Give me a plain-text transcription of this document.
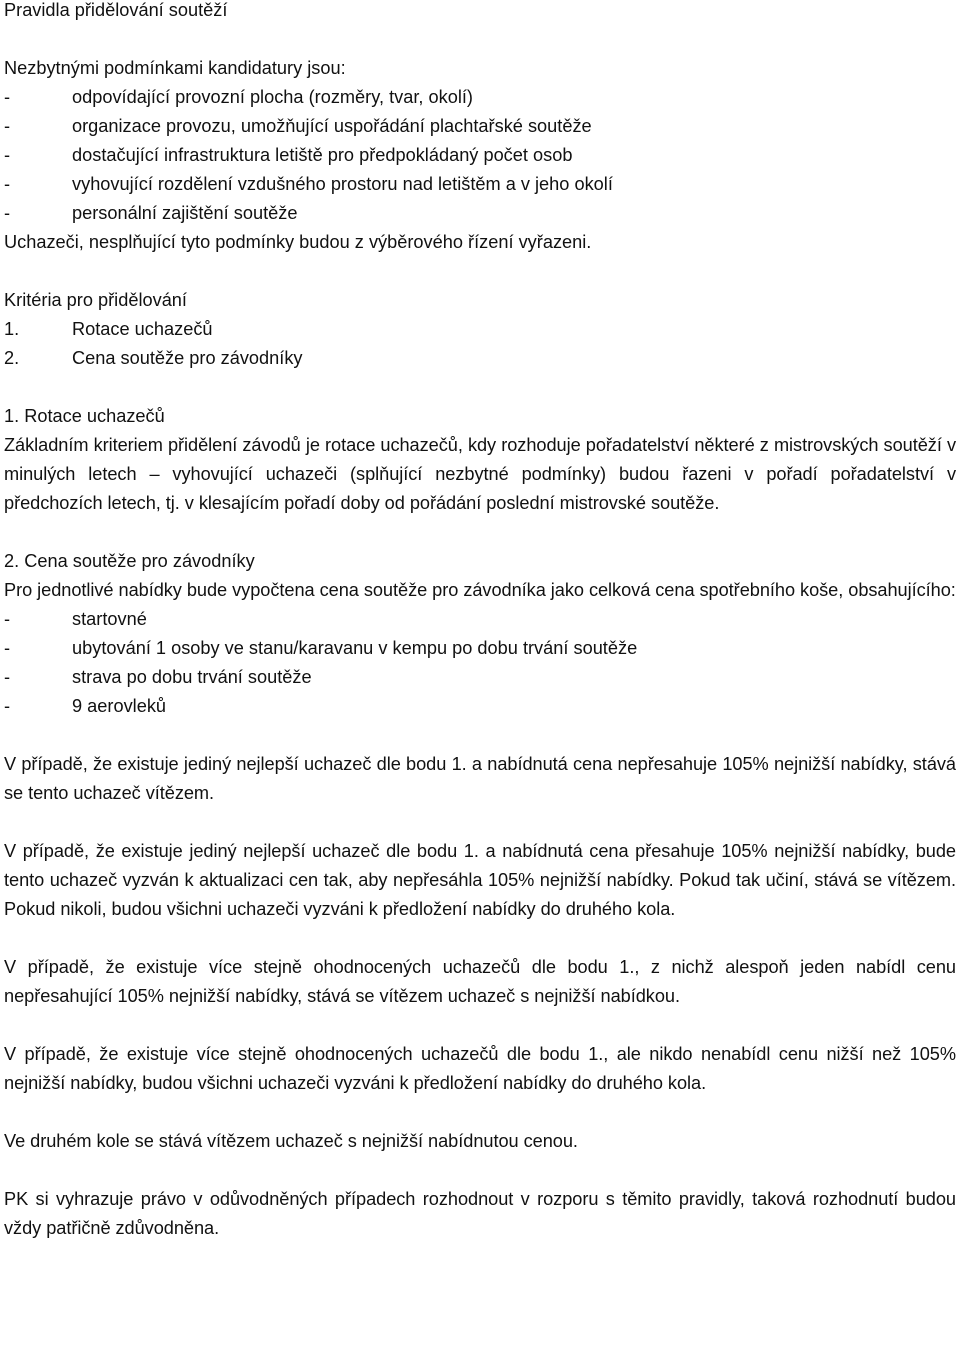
Pravidla přidělování soutěží

Nezbytnými podmínkami kandidatury jsou:

-	odpovídající provozní plocha (rozměry, tvar, okolí)
-	organizace provozu, umožňující uspořádání plachtařské soutěže
-	dostačující infrastruktura letiště pro předpokládaný počet osob
-	vyhovující rozdělení vzdušného prostoru nad letištěm a v jeho okolí
-	personální zajištění soutěže

Uchazeči, nesplňující tyto podmínky budou z výběrového řízení vyřazeni.

Kritéria pro přidělování

1.	Rotace uchazečů
2.	Cena soutěže pro závodníky

1. Rotace uchazečů

Základním kriteriem přidělení závodů je rotace uchazečů, kdy rozhoduje pořadatelství některé z mistrovských soutěží v minulých letech – vyhovující uchazeči (splňující nezbytné podmínky) budou řazeni v pořadí pořadatelství v předchozích letech, tj. v klesajícím pořadí doby od pořádání poslední mistrovské soutěže.

2. Cena soutěže pro závodníky

Pro jednotlivé nabídky bude vypočtena cena soutěže pro závodníka jako celková cena spotřebního koše, obsahujícího:

-	startovné
-	ubytování 1 osoby ve stanu/karavanu v kempu po dobu trvání soutěže
-	strava po dobu trvání soutěže
-	9 aerovleků

V případě, že existuje jediný nejlepší uchazeč dle bodu 1. a nabídnutá cena nepřesahuje 105% nejnižší nabídky, stává se tento uchazeč vítězem.

V případě, že existuje jediný nejlepší uchazeč dle bodu 1. a nabídnutá cena přesahuje 105% nejnižší nabídky, bude tento uchazeč vyzván k aktualizaci cen tak, aby nepřesáhla 105% nejnižší nabídky. Pokud tak učiní, stává se vítězem. Pokud nikoli, budou všichni uchazeči vyzváni k předložení nabídky do druhého kola.

V případě, že existuje více stejně ohodnocených uchazečů dle bodu 1., z nichž alespoň jeden nabídl cenu nepřesahující 105% nejnižší nabídky, stává se vítězem uchazeč s nejnižší nabídkou.

V případě, že existuje více stejně ohodnocených uchazečů dle bodu 1., ale nikdo nenabídl cenu nižší než 105% nejnižší nabídky, budou všichni uchazeči vyzváni k předložení nabídky do druhého kola.

Ve druhém kole se stává vítězem uchazeč s nejnižší nabídnutou cenou.

PK si vyhrazuje právo v odůvodněných případech rozhodnout v rozporu s těmito pravidly, taková rozhodnutí budou vždy patřičně zdůvodněna.
